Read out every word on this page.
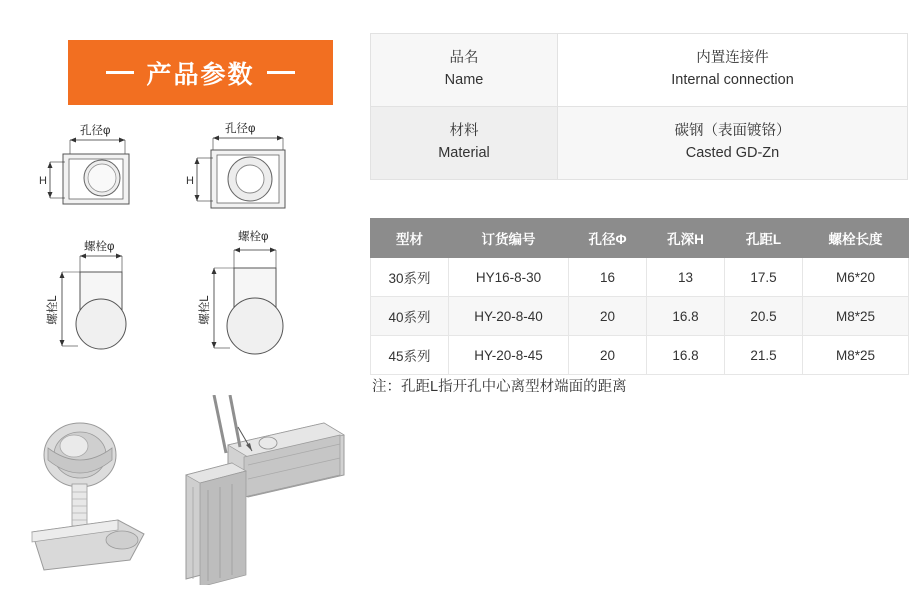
产品参数
孔径φ
H
孔径φ
H
螺栓φ
螺栓L
螺栓φ
螺栓L
品名
Name	内置连接件
Internal connection

材料
Material	碳钢（表面镀铬）
Casted GD-Zn
型材	订货编号	孔径Φ	孔深H	孔距L	螺栓长度
30系列	HY16-8-30	16	13	17.5	M6*20
40系列	HY-20-8-40	20	16.8	20.5	M8*25
45系列	HY-20-8-45	20	16.8	21.5	M8*25
注：孔距L指开孔中心离型材端面的距离
